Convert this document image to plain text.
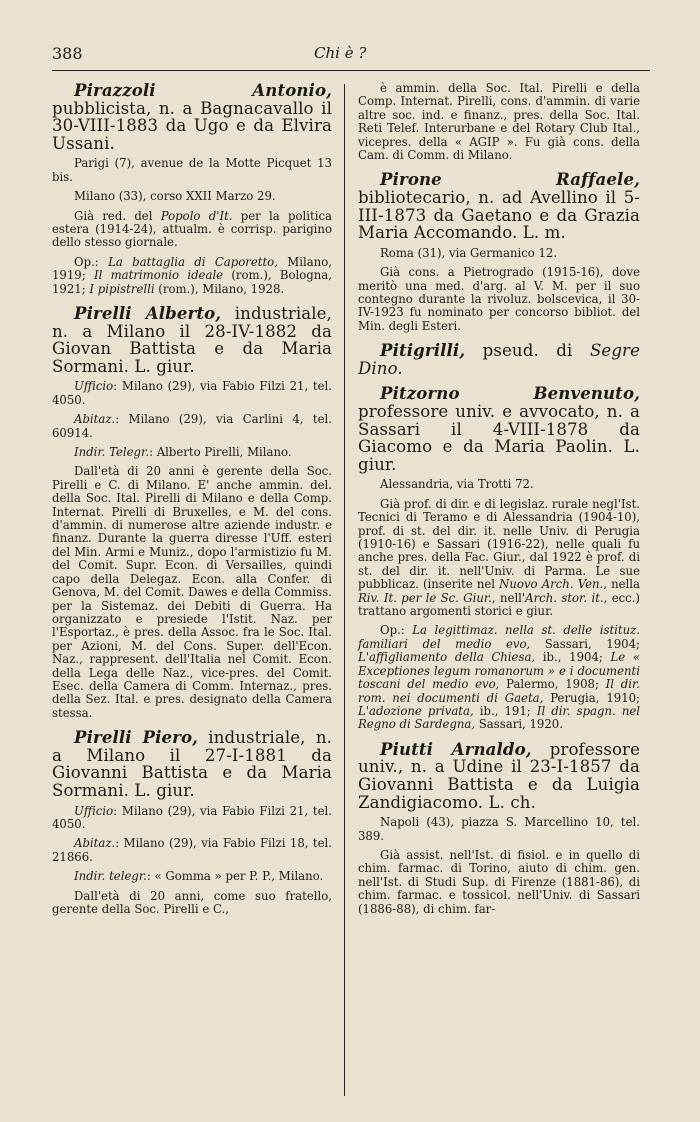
388	Chi è ?
Pirazzoli Antonio, pubblicista, n. a Bagnacavallo il 30-VIII-1883 da Ugo e da Elvira Ussani.
Parigi (7), avenue de la Motte Picquet 13 bis.
Milano (33), corso XXII Marzo 29.
Già red. del Popolo d'It. per la politica estera (1914-24), attualm. è corrisp. parigino dello stesso giornale.
Op.: La battaglia di Caporetto, Milano, 1919; Il matrimonio ideale (rom.), Bologna, 1921; I pipistrelli (rom.), Milano, 1928.
Pirelli Alberto, industriale, n. a Milano il 28-IV-1882 da Giovan Battista e da Maria Sormani. L. giur.
Ufficio: Milano (29), via Fabio Filzi 21, tel. 4050.
Abitaz.: Milano (29), via Carlini 4, tel. 60914.
Indir. Telegr.: Alberto Pirelli, Milano.
Dall'età di 20 anni è gerente della Soc. Pirelli e C. di Milano. E' anche ammin. del. della Soc. Ital. Pirelli di Milano e della Comp. Internat. Pirelli di Bruxelles, e M. del cons. d'ammin. di numerose altre aziende industr. e finanz. Durante la guerra diresse l'Uff. esteri del Min. Armi e Muniz., dopo l'armistizio fu M. del Comit. Supr. Econ. di Versailles, quindi capo della Delegaz. Econ. alla Confer. di Genova, M. del Comit. Dawes e della Commiss. per la Sistemaz. dei Debiti di Guerra. Ha organizzato e presiede l'Istit. Naz. per l'Esportaz., è pres. della Assoc. fra le Soc. Ital. per Azioni, M. del Cons. Super. dell'Econ. Naz., rappresent. dell'Italia nel Comit. Econ. della Lega delle Naz., vice-pres. del Comit. Esec. della Camera di Comm. Internaz., pres. della Sez. Ital. e pres. designato della Camera stessa.
Pirelli Piero, industriale, n. a Milano il 27-I-1881 da Giovanni Battista e da Maria Sormani. L. giur.
Ufficio: Milano (29), via Fabio Filzi 21, tel. 4050.
Abitaz.: Milano (29), via Fabio Filzi 18, tel. 21866.
Indir. telegr.: « Gomma » per P. P., Milano.
Dall'età di 20 anni, come suo fratello, gerente della Soc. Pirelli e C.,
è ammin. della Soc. Ital. Pirelli e della Comp. Internat. Pirelli, cons. d'ammin. di varie altre soc. ind. e finanz., pres. della Soc. Ital. Reti Telef. Interurbane e del Rotary Club Ital., vicepres. della « AGIP ». Fu già cons. della Cam. di Comm. di Milano.
Pirone Raffaele, bibliotecario, n. ad Avellino il 5-III-1873 da Gaetano e da Grazia Maria Accomando. L. m.
Roma (31), via Germanico 12.
Già cons. a Pietrogrado (1915-16), dove meritò una med. d'arg. al V. M. per il suo contegno durante la rivoluz. bolscevica, il 30-IV-1923 fu nominato per concorso bibliot. del Min. degli Esteri.
Pitigrilli, pseud. di Segre Dino.
Pitzorno Benvenuto, professore univ. e avvocato, n. a Sassari il 4-VIII-1878 da Giacomo e da Maria Paolin. L. giur.
Alessandria, via Trotti 72.
Già prof. di dir. e di legislaz. rurale negl'Ist. Tecnici di Teramo e di Alessandria (1904-10), prof. di st. del dir. it. nelle Univ. di Perugia (1910-16) e Sassari (1916-22), nelle quali fu anche pres. della Fac. Giur., dal 1922 è prof. di st. del dir. it. nell'Univ. di Parma. Le sue pubblicaz. (inserite nel Nuovo Arch. Ven., nella Riv. It. per le Sc. Giur., nell'Arch. stor. it., ecc.) trattano argomenti storici e giur.
Op.: La legittimaz. nella st. delle istituz. familiari del medio evo, Sassari, 1904; L'affigliamento della Chiesa, ib., 1904; Le « Exceptiones legum romanorum » e i documenti toscani del medio evo, Palermo, 1908; Il dir. rom. nei documenti di Gaeta, Perugia, 1910; L'adozione privata, ib., 191; Il dir. spagn. nel Regno di Sardegna, Sassari, 1920.
Piutti Arnaldo, professore univ., n. a Udine il 23-I-1857 da Giovanni Battista e da Luigia Zandigiacomo. L. ch.
Napoli (43), piazza S. Marcellino 10, tel. 389.
Già assist. nell'Ist. di fisiol. e in quello di chim. farmac. di Torino, aiuto di chim. gen. nell'Ist. di Studi Sup. di Firenze (1881-86), di chim. farmac. e tossicol. nell'Univ. di Sassari (1886-88), di chim. far-
